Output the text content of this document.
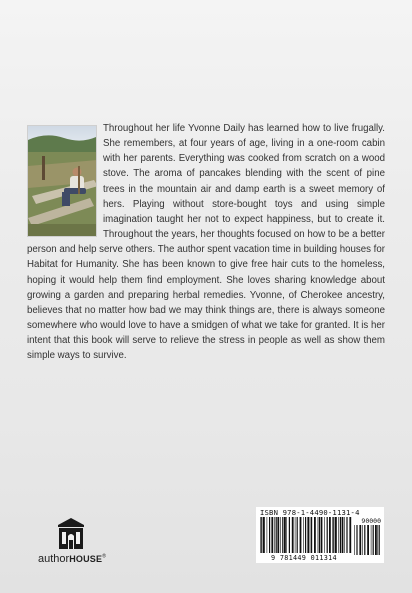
Throughout her life Yvonne Daily has learned how to live frugally. She remembers, at four years of age, living in a one-room cabin with her parents. Everything was cooked from scratch on a wood stove. The aroma of pancakes blending with the scent of pine trees in the mountain air and damp earth is a sweet memory of hers. Playing without store-bought toys and using simple imagination taught her not to expect happiness, but to create it. Throughout the years, her thoughts focused on how to be a better person and help serve others. The author spent vacation time in building houses for Habitat for Humanity. She has been known to give free hair cuts to the homeless, hoping it would help them find employment. She loves sharing knowledge about growing a garden and preparing herbal remedies. Yvonne, of Cherokee ancestry, believes that no matter how bad we may think things are, there is always someone somewhere who would love to have a smidgen of what we take for granted. It is her intent that this book will serve to relieve the stress in people as well as show them simple ways to survive.

authorHOUSE®
ISBN 978-1-4490-1131-4
90000
9 781449 011314
